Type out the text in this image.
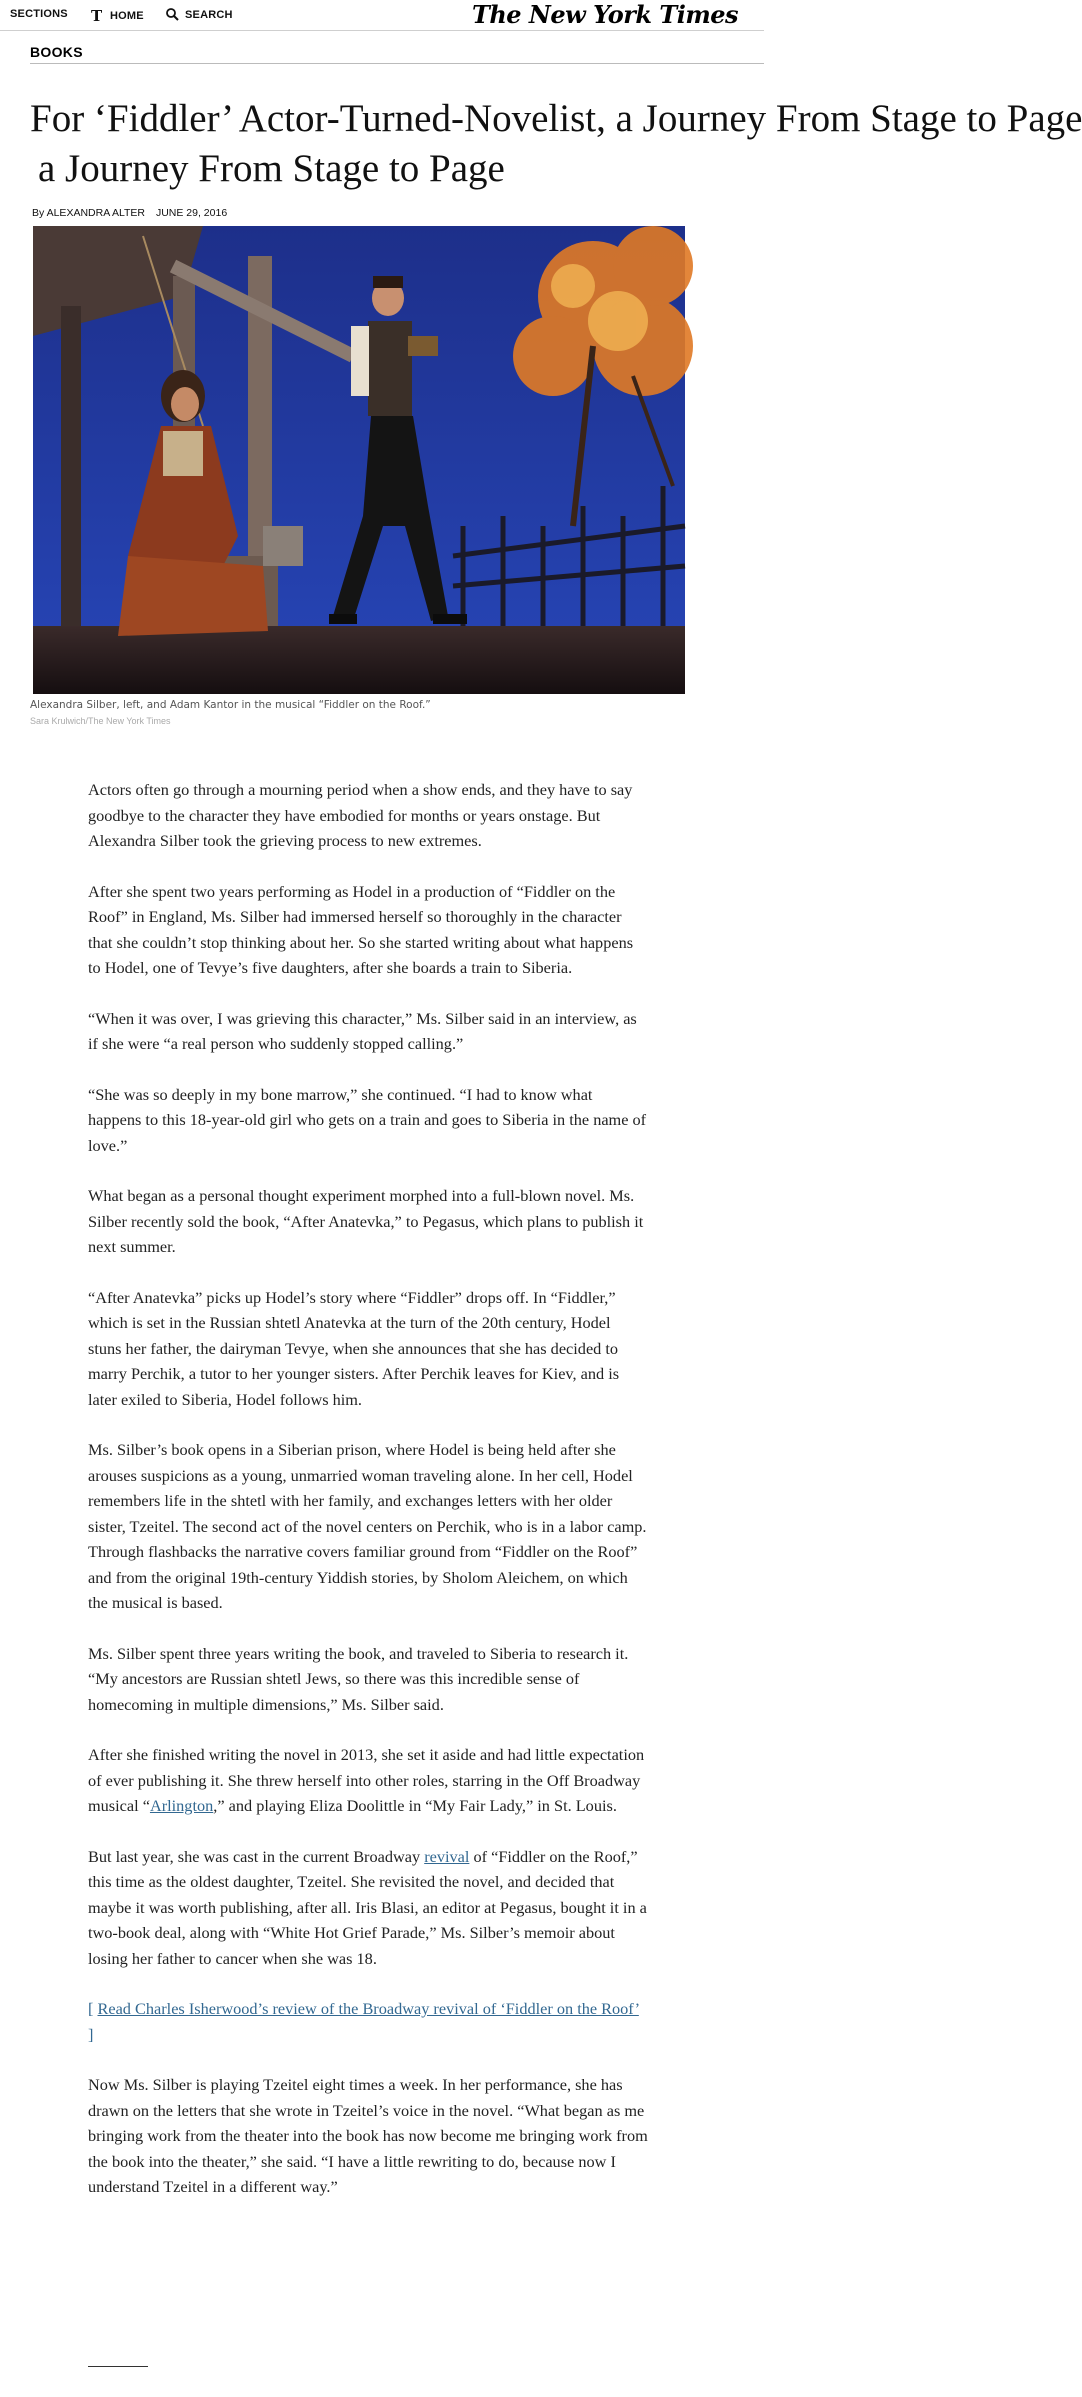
SECTIONS T HOME	SEARCH	The New York Times
BOOKS
For ‘Fiddler’ Actor-Turned-Novelist, a Journey From Stage to Page
a Journey From Stage to Page
By ALEXANDRA ALTER JUNE 29, 2016
Alexandra Silber, left, and Adam Kantor in the musical “Fiddler on the Roof.”
Sara Krulwich/The New York Times

Actors often go through a mourning period when a show ends, and they have to say goodbye to the character they have embodied for months or years onstage. But Alexandra Silber took the grieving process to new extremes.

After she spent two years performing as Hodel in a production of “Fiddler on the Roof” in England, Ms. Silber had immersed herself so thoroughly in the character that she couldn’t stop thinking about her. So she started writing about what happens to Hodel, one of Tevye’s five daughters, after she boards a train to Siberia.

“When it was over, I was grieving this character,” Ms. Silber said in an interview, as if she were “a real person who suddenly stopped calling.”

“She was so deeply in my bone marrow,” she continued. “I had to know what happens to this 18-year-old girl who gets on a train and goes to Siberia in the name of love.”

What began as a personal thought experiment morphed into a full-blown novel. Ms. Silber recently sold the book, “After Anatevka,” to Pegasus, which plans to publish it next summer.

“After Anatevka” picks up Hodel’s story where “Fiddler” drops off. In “Fiddler,” which is set in the Russian shtetl Anatevka at the turn of the 20th century, Hodel stuns her father, the dairyman Tevye, when she announces that she has decided to marry Perchik, a tutor to her younger sisters. After Perchik leaves for Kiev, and is later exiled to Siberia, Hodel follows him.

Ms. Silber’s book opens in a Siberian prison, where Hodel is being held after she arouses suspicions as a young, unmarried woman traveling alone. In her cell, Hodel remembers life in the shtetl with her family, and exchanges letters with her older sister, Tzeitel. The second act of the novel centers on Perchik, who is in a labor camp. Through flashbacks the narrative covers familiar ground from “Fiddler on the Roof” and from the original 19th-century Yiddish stories, by Sholom Aleichem, on which the musical is based.

Ms. Silber spent three years writing the book, and traveled to Siberia to research it. “My ancestors are Russian shtetl Jews, so there was this incredible sense of homecoming in multiple dimensions,” Ms. Silber said.

After she finished writing the novel in 2013, she set it aside and had little expectation of ever publishing it. She threw herself into other roles, starring in the Off Broadway musical “Arlington,” and playing Eliza Doolittle in “My Fair Lady,” in St. Louis.

But last year, she was cast in the current Broadway revival of “Fiddler on the Roof,” this time as the oldest daughter, Tzeitel. She revisited the novel, and decided that maybe it was worth publishing, after all. Iris Blasi, an editor at Pegasus, bought it in a two-book deal, along with “White Hot Grief Parade,” Ms. Silber’s memoir about losing her father to cancer when she was 18.

[ Read Charles Isherwood’s review of the Broadway revival of ‘Fiddler on the Roof’ ]

Now Ms. Silber is playing Tzeitel eight times a week. In her performance, she has drawn on the letters that she wrote in Tzeitel’s voice in the novel. “What began as me bringing work from the theater into the book has now become me bringing work from the book into the theater,” she said. “I have a little rewriting to do, because now I understand Tzeitel in a different way.”
